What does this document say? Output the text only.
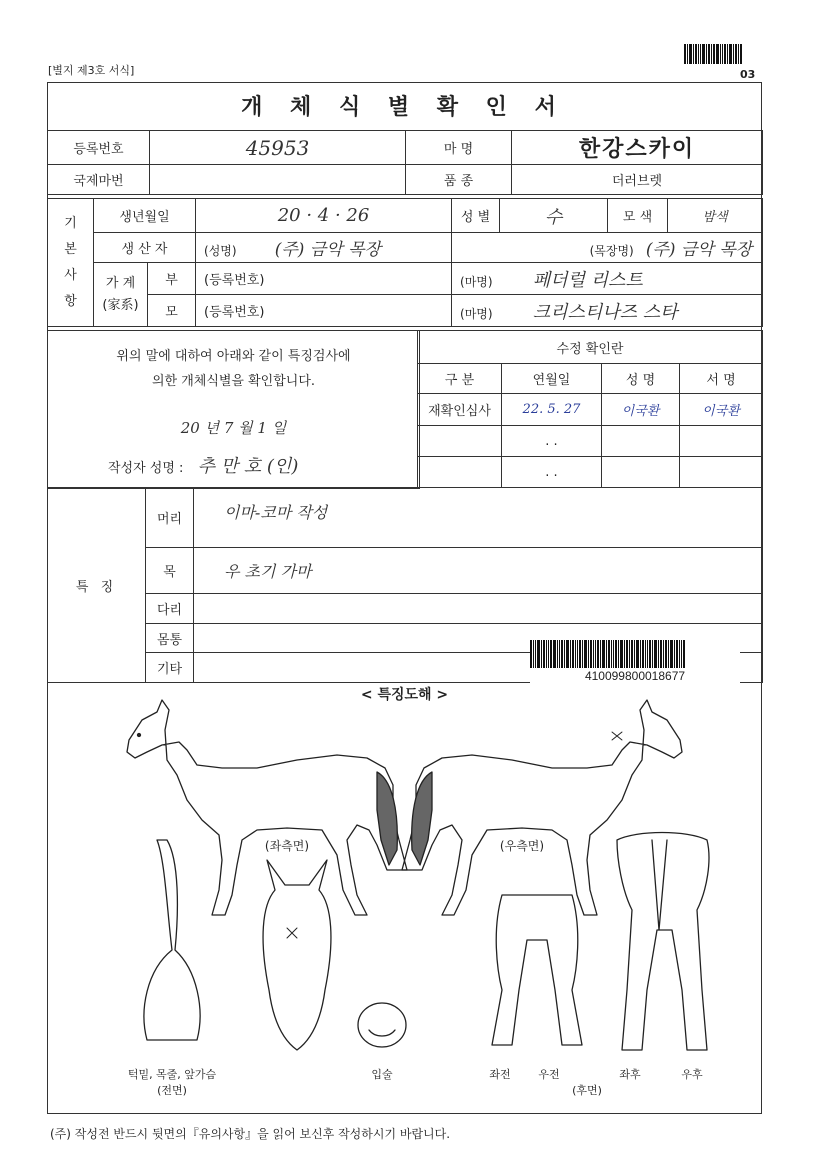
[별지 제3호 서식]	03
개 체 식 별 확 인 서
등록번호	45953	마 명	한강스카이
국제마번		품 종	더러브렛
기
본
사
항	생년월일		20 · 4 · 26	성 별	수	모 색	밤색
	생 산 자		(성명) (주) 금악 목장	(목장명) (주) 금악 목장			
	가 계
(家系)	부	(등록번호)	(마명) 페더럴 리스트			
		모	(등록번호)	(마명) 크리스티나즈 스타			
위의 말에 대하여 아래와 같이 특징검사에
의한 개체식별을 확인합니다.
20 년 7 월 1 일
작성자 성명 : 추 만 호 (인)
수정 확인란			
구 분	연월일	성 명	서 명
재확인심사	22. 5. 27	이국환	이국환
	. .		
	. .		
특 징	머리	이마-코마 작성
	목	우 초기 가마
	다리	
	몸통	
	기타		410099800018677
< 특징도해 >
(좌측면)	(우측면)
턱밑, 목줄, 앞가슴
(전면)
입술	좌전	우전	좌후	우후
(후면)
(주) 작성전 반드시 뒷면의『유의사항』을 읽어 보신후 작성하시기 바랍니다.
